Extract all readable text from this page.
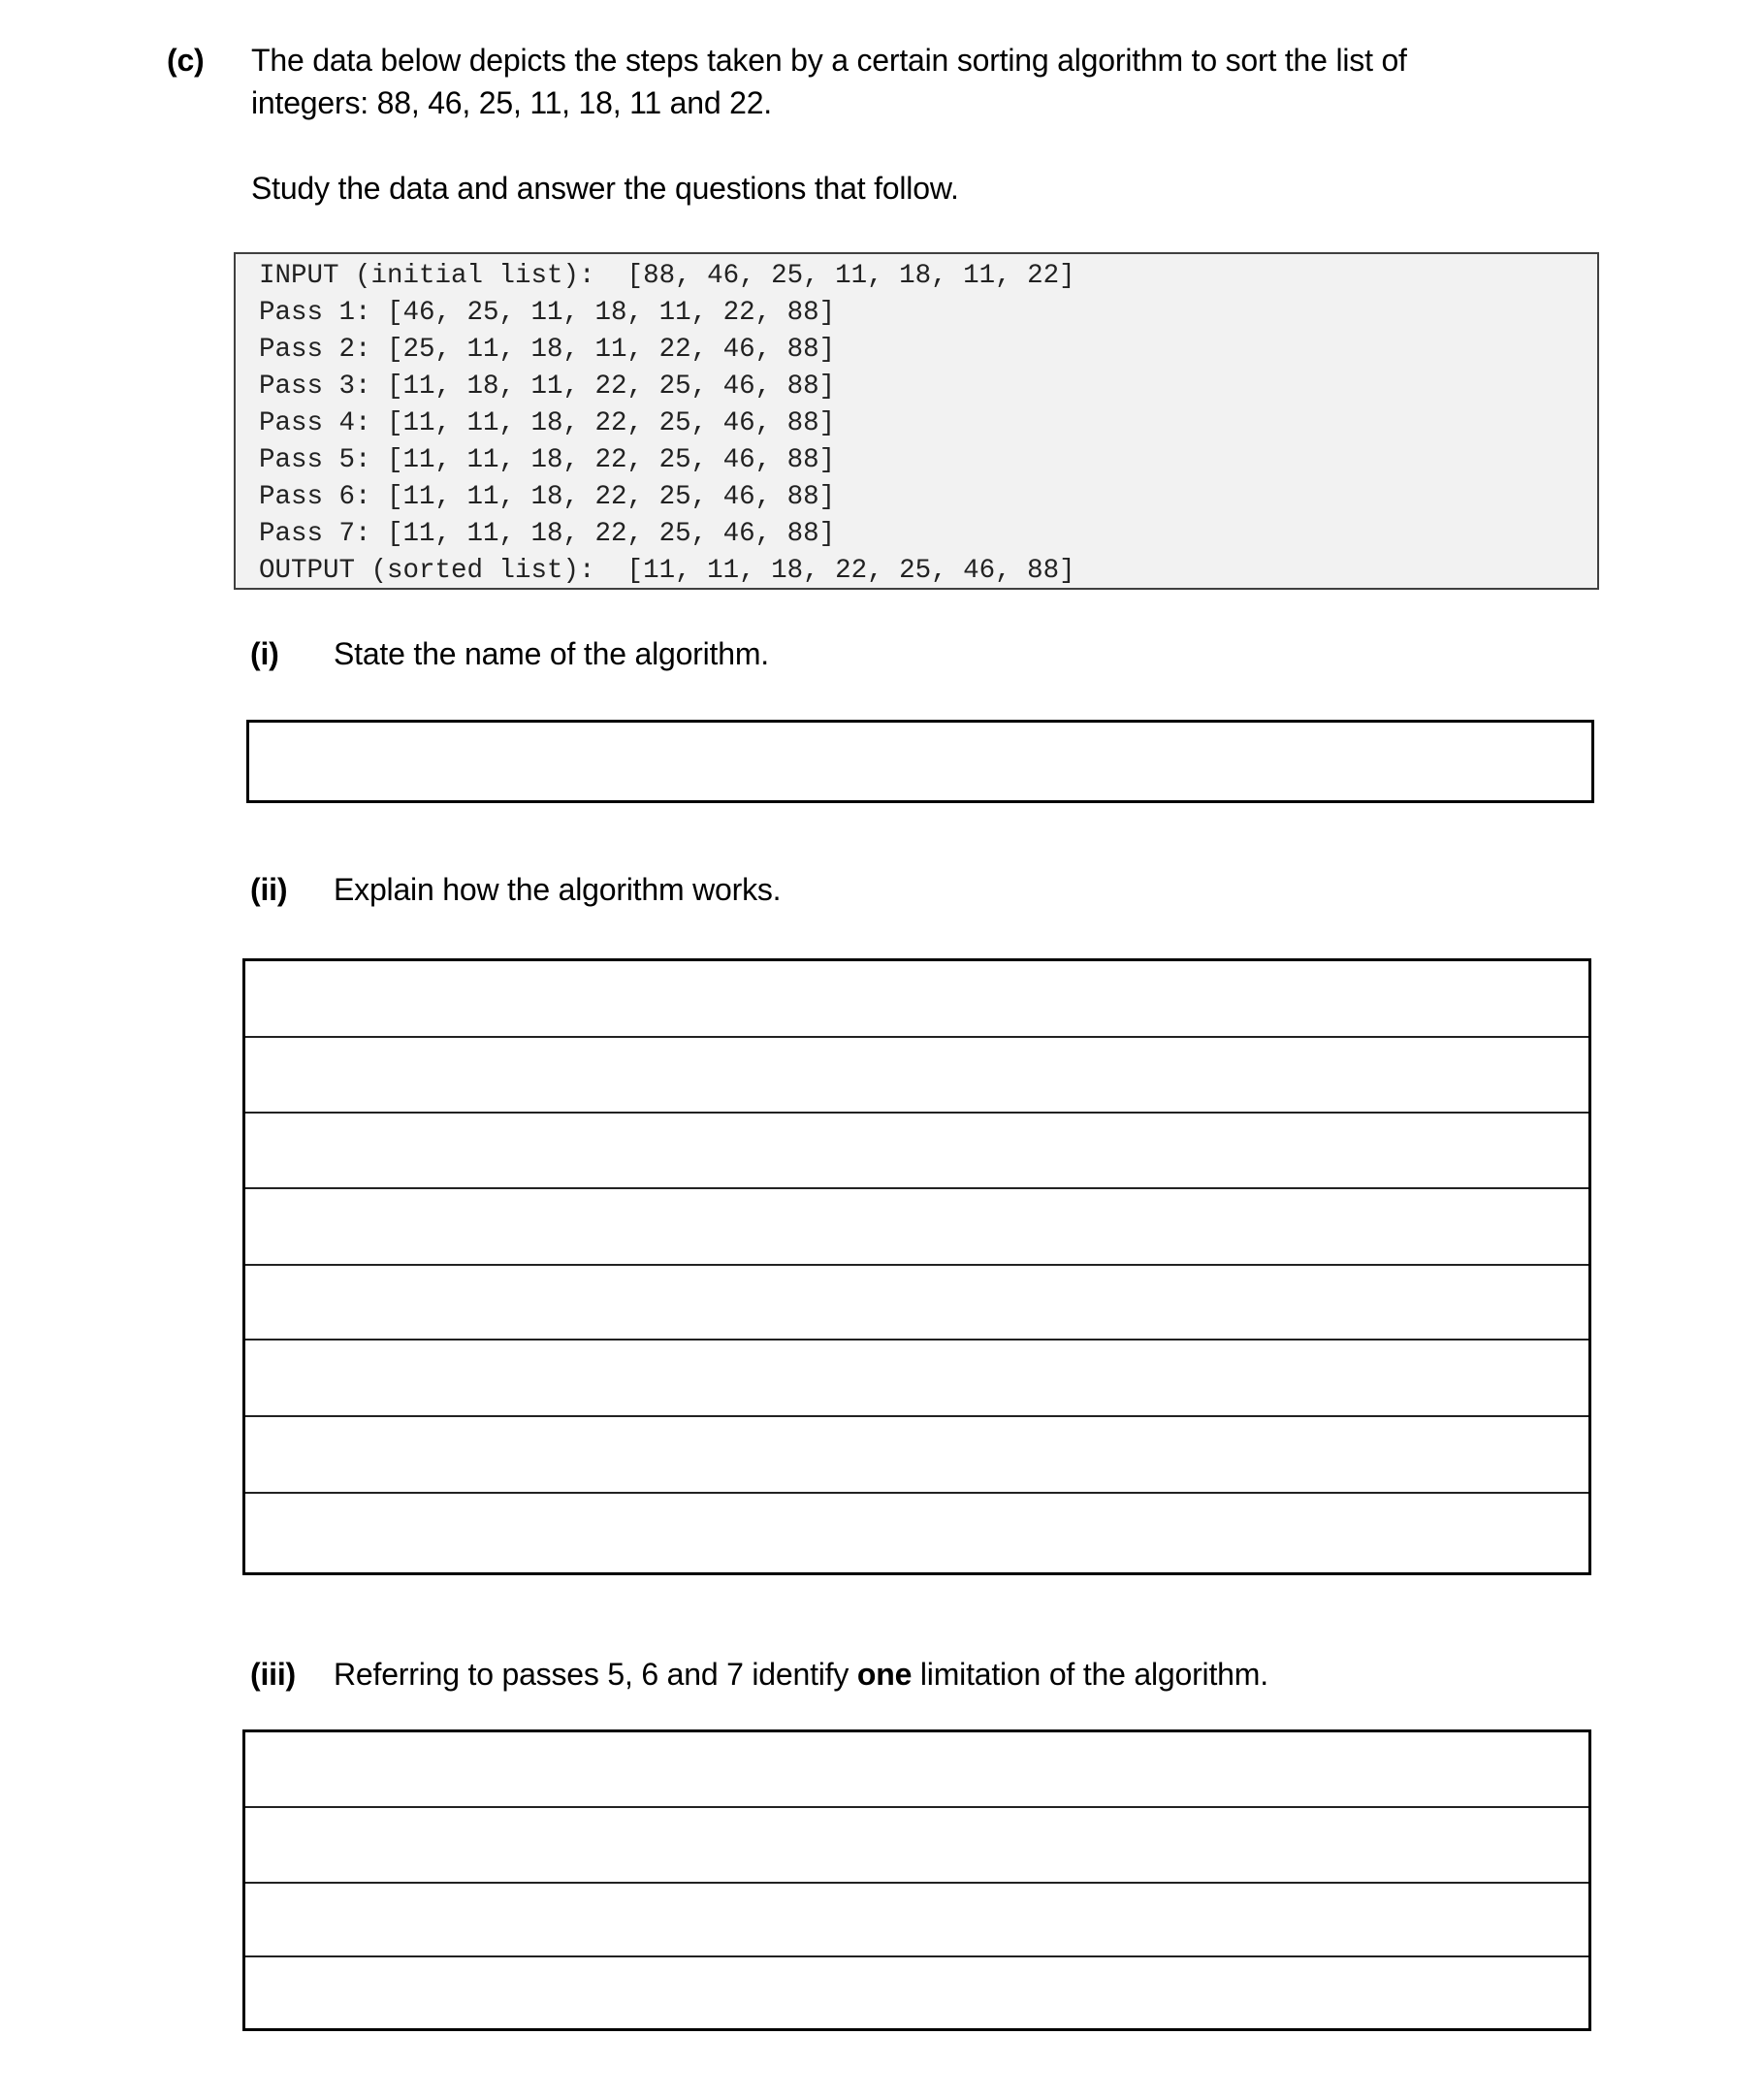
(c) The data below depicts the steps taken by a certain sorting algorithm to sort the list of
integers: 88, 46, 25, 11, 18, 11 and 22.
Study the data and answer the questions that follow.
INPUT (initial list):  [88, 46, 25, 11, 18, 11, 22]
Pass 1: [46, 25, 11, 18, 11, 22, 88]
Pass 2: [25, 11, 18, 11, 22, 46, 88]
Pass 3: [11, 18, 11, 22, 25, 46, 88]
Pass 4: [11, 11, 18, 22, 25, 46, 88]
Pass 5: [11, 11, 18, 22, 25, 46, 88]
Pass 6: [11, 11, 18, 22, 25, 46, 88]
Pass 7: [11, 11, 18, 22, 25, 46, 88]
OUTPUT (sorted list):  [11, 11, 18, 22, 25, 46, 88]
(i) State the name of the algorithm.
(ii) Explain how the algorithm works.
(iii) Referring to passes 5, 6 and 7 identify one limitation of the algorithm.
